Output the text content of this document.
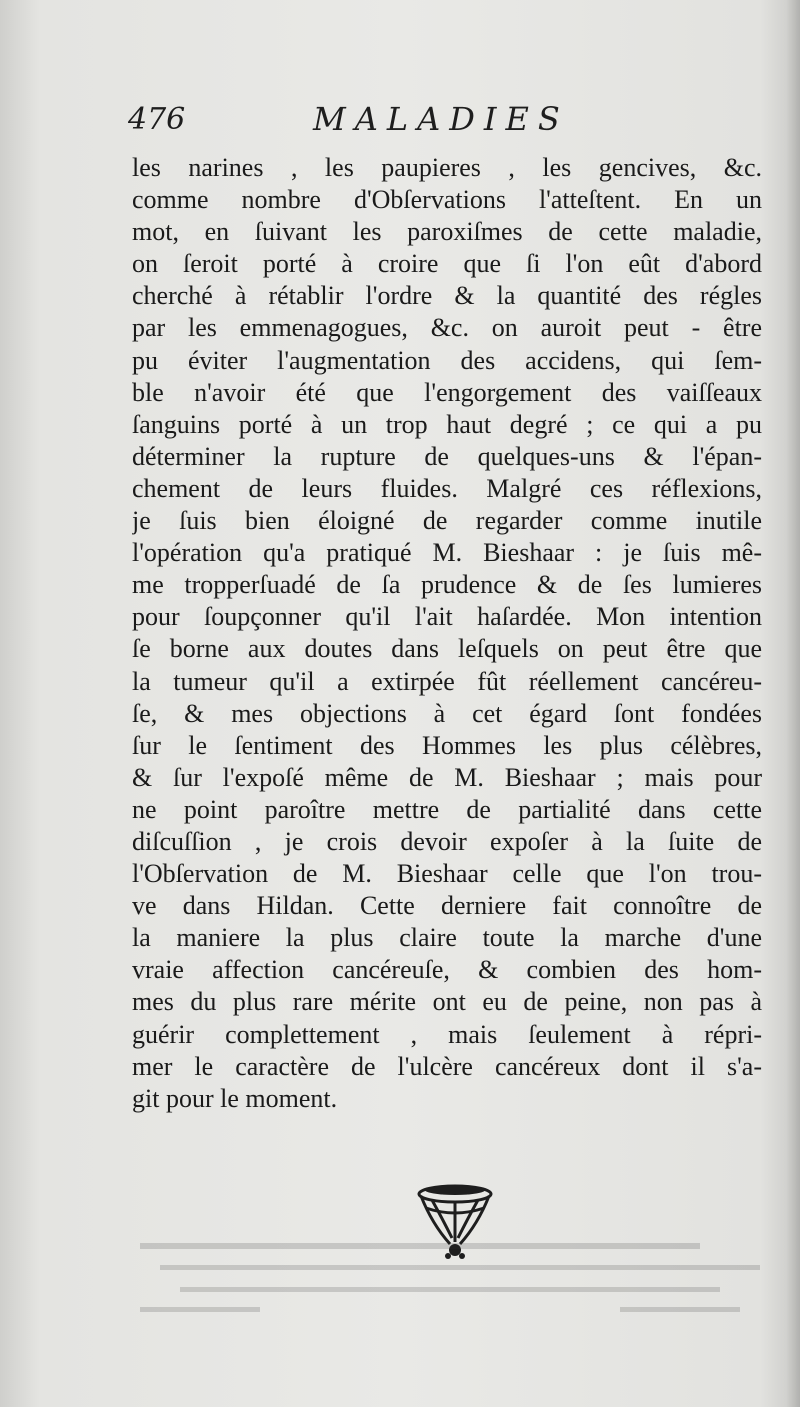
476	MALADIES
les narines , les paupieres , les gencives, &c.
comme nombre d'Obſervations l'atteſtent. En un
mot, en ſuivant les paroxiſmes de cette maladie,
on ſeroit porté à croire que ſi l'on eût d'abord
cherché à rétablir l'ordre & la quantité des régles
par les emmenagogues, &c. on auroit peut - être
pu éviter l'augmentation des accidens, qui ſem-
ble n'avoir été que l'engorgement des vaiſſeaux
ſanguins porté à un trop haut degré ; ce qui a pu
déterminer la rupture de quelques-uns & l'épan-
chement de leurs fluides. Malgré ces réflexions,
je ſuis bien éloigné de regarder comme inutile
l'opération qu'a pratiqué M. Bieshaar : je ſuis mê-
me tropperſuadé de ſa prudence & de ſes lumieres
pour ſoupçonner qu'il l'ait haſardée. Mon intention
ſe borne aux doutes dans leſquels on peut être que
la tumeur qu'il a extirpée fût réellement cancéreu-
ſe, & mes objections à cet égard ſont fondées
ſur le ſentiment des Hommes les plus célèbres,
& ſur l'expoſé même de M. Bieshaar ; mais pour
ne point paroître mettre de partialité dans cette
diſcuſſion , je crois devoir expoſer à la ſuite de
l'Obſervation de M. Bieshaar celle que l'on trou-
ve dans Hildan. Cette derniere fait connoître de
la maniere la plus claire toute la marche d'une
vraie affection cancéreuſe, & combien des hom-
mes du plus rare mérite ont eu de peine, non pas à
guérir complettement , mais ſeulement à répri-
mer le caractère de l'ulcère cancéreux dont il s'a-
git pour le moment.
